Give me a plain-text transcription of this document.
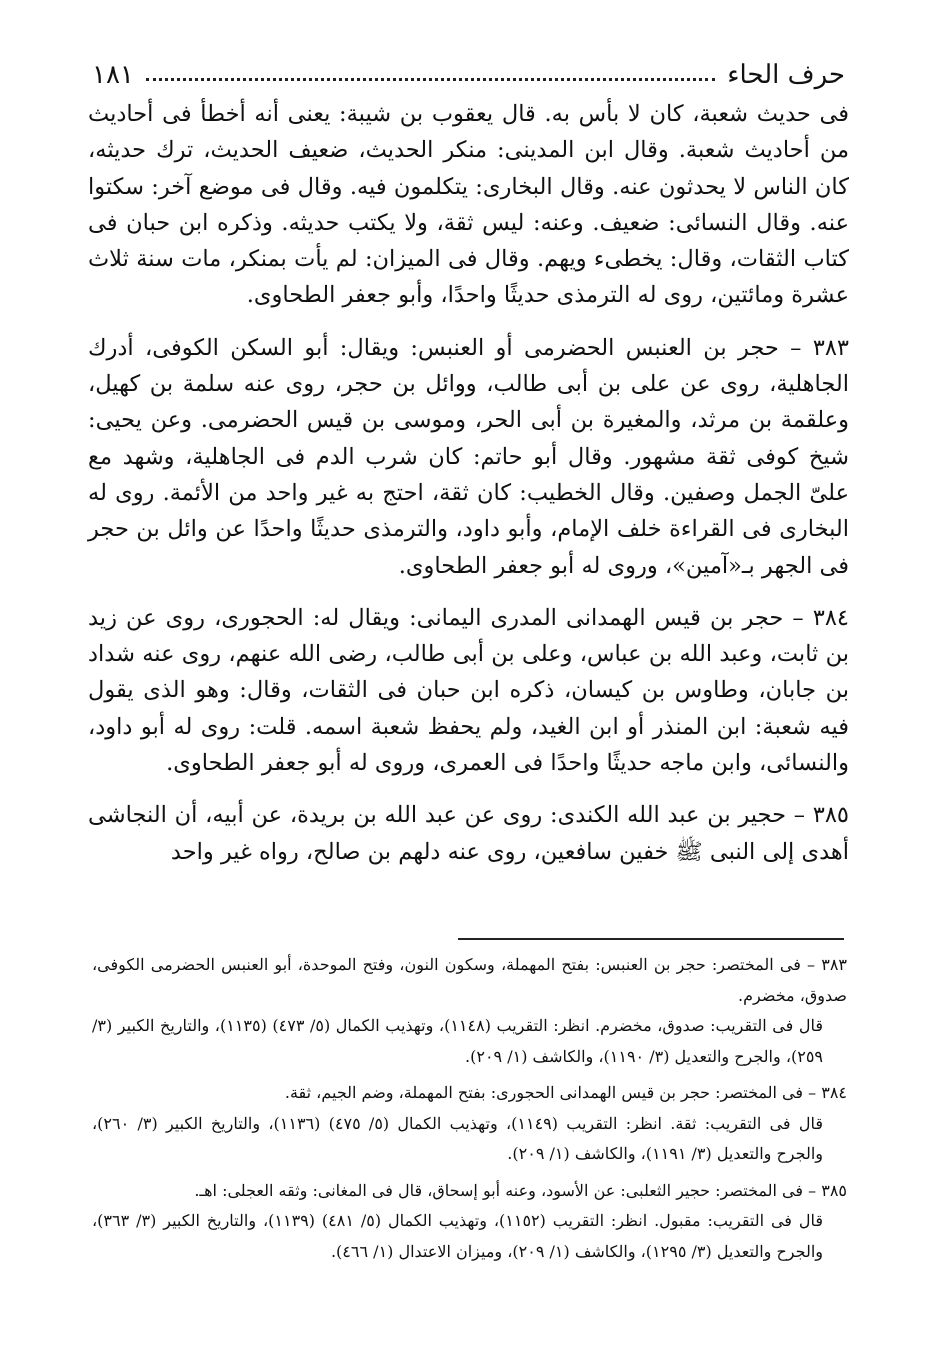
حرف الحاء
١٨١

فى حديث شعبة، كان لا بأس به. قال يعقوب بن شيبة: يعنى أنه أخطأ فى أحاديث من أحاديث شعبة. وقال ابن المدينى: منكر الحديث، ضعيف الحديث، ترك حديثه، كان الناس لا يحدثون عنه. وقال البخارى: يتكلمون فيه. وقال فى موضع آخر: سكتوا عنه. وقال النسائى: ضعيف. وعنه: ليس ثقة، ولا يكتب حديثه. وذكره ابن حبان فى كتاب الثقات، وقال: يخطىء ويهم. وقال فى الميزان: لم يأت بمنكر، مات سنة ثلاث عشرة ومائتين، روى له الترمذى حديثًا واحدًا، وأبو جعفر الطحاوى.

٣٨٣ – حجر بن العنبس الحضرمى أو العنبس: ويقال: أبو السكن الكوفى، أدرك الجاهلية، روى عن على بن أبى طالب، ووائل بن حجر، روى عنه سلمة بن كهيل، وعلقمة بن مرثد، والمغيرة بن أبى الحر، وموسى بن قيس الحضرمى. وعن يحيى: شيخ كوفى ثقة مشهور. وقال أبو حاتم: كان شرب الدم فى الجاهلية، وشهد مع علىّ الجمل وصفين. وقال الخطيب: كان ثقة، احتج به غير واحد من الأئمة. روى له البخارى فى القراءة خلف الإمام، وأبو داود، والترمذى حديثًا واحدًا عن وائل بن حجر فى الجهر بـ«آمين»، وروى له أبو جعفر الطحاوى.

٣٨٤ – حجر بن قيس الهمدانى المدرى اليمانى: ويقال له: الحجورى، روى عن زيد بن ثابت، وعبد الله بن عباس، وعلى بن أبى طالب، رضى الله عنهم، روى عنه شداد بن جابان، وطاوس بن كيسان، ذكره ابن حبان فى الثقات، وقال: وهو الذى يقول فيه شعبة: ابن المنذر أو ابن الغيد، ولم يحفظ شعبة اسمه. قلت: روى له أبو داود، والنسائى، وابن ماجه حديثًا واحدًا فى العمرى، وروى له أبو جعفر الطحاوى.

٣٨٥ – حجير بن عبد الله الكندى: روى عن عبد الله بن بريدة، عن أبيه، أن النجاشى أهدى إلى النبى ﷺ خفين سافعين، روى عنه دلهم بن صالح، رواه غير واحد

٣٨٣ – فى المختصر: حجر بن العنبس: بفتح المهملة، وسكون النون، وفتح الموحدة، أبو العنبس الحضرمى الكوفى، صدوق، مخضرم.

قال فى التقريب: صدوق، مخضرم. انظر: التقريب (١١٤٨)، وتهذيب الكمال (٥/ ٤٧٣) (١١٣٥)، والتاريخ الكبير (٣/ ٢٥٩)، والجرح والتعديل (٣/ ١١٩٠)، والكاشف (١/ ٢٠٩).

٣٨٤ – فى المختصر: حجر بن قيس الهمدانى الحجورى: بفتح المهملة، وضم الجيم، ثقة.

قال فى التقريب: ثقة. انظر: التقريب (١١٤٩)، وتهذيب الكمال (٥/ ٤٧٥) (١١٣٦)، والتاريخ الكبير (٣/ ٢٦٠)، والجرح والتعديل (٣/ ١١٩١)، والكاشف (١/ ٢٠٩).

٣٨٥ – فى المختصر: حجير الثعلبى: عن الأسود، وعنه أبو إسحاق، قال فى المغانى: وثقه العجلى: اهـ.

قال فى التقريب: مقبول. انظر: التقريب (١١٥٢)، وتهذيب الكمال (٥/ ٤٨١) (١١٣٩)، والتاريخ الكبير (٣/ ٣٦٣)، والجرح والتعديل (٣/ ١٢٩٥)، والكاشف (١/ ٢٠٩)، وميزان الاعتدال (١/ ٤٦٦).
